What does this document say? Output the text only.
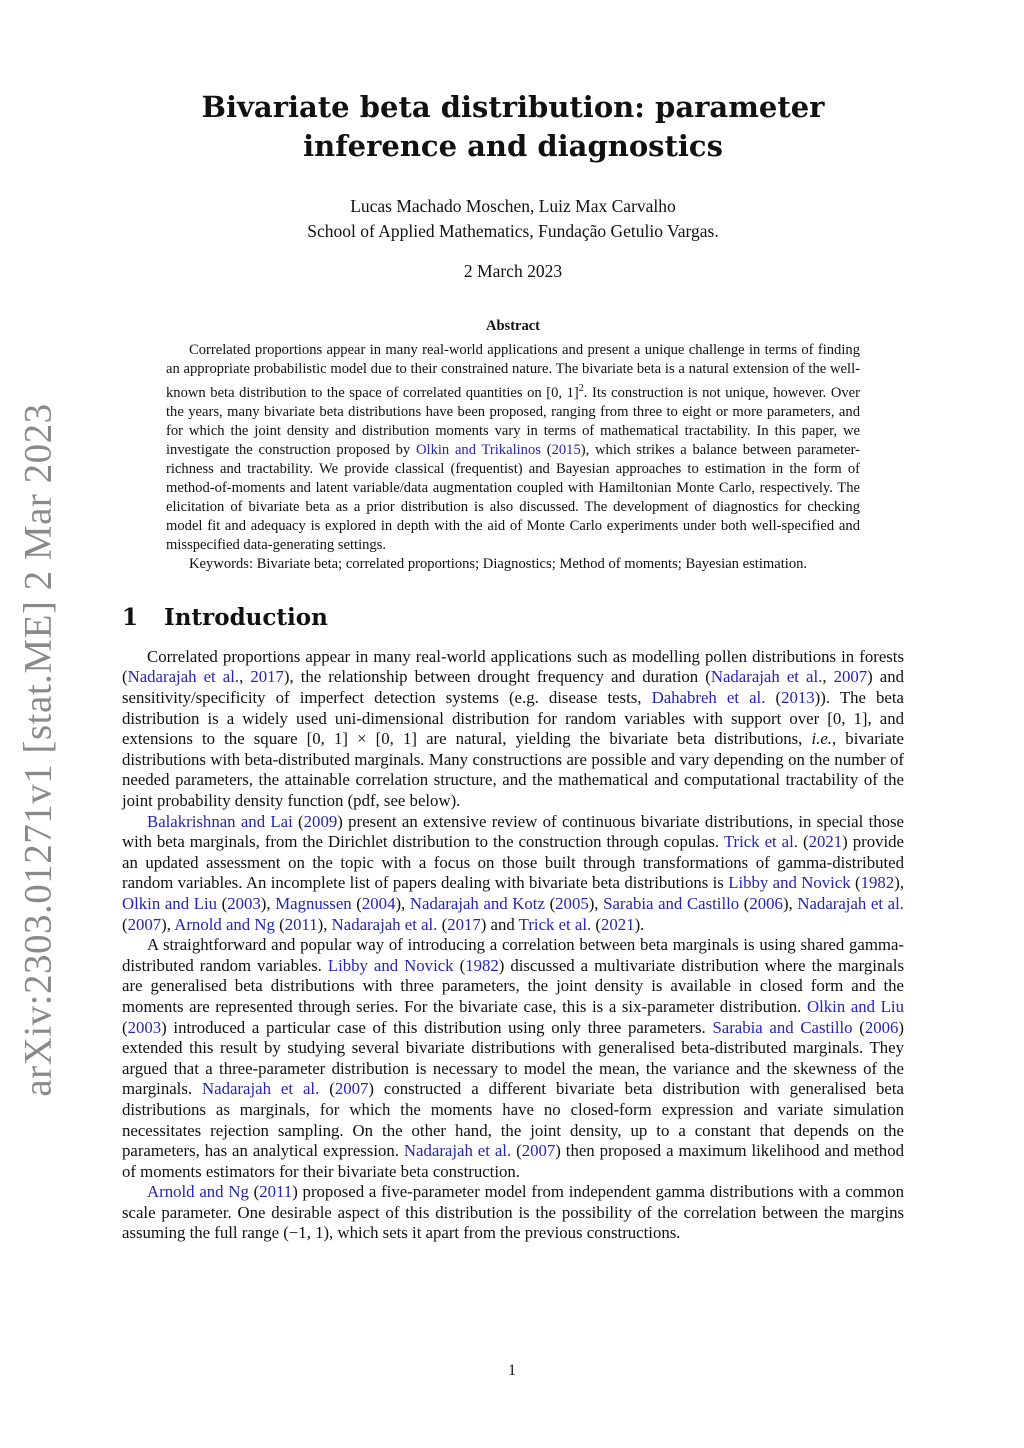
arXiv:2303.01271v1 [stat.ME] 2 Mar 2023
Bivariate beta distribution: parameter inference and diagnostics
Lucas Machado Moschen, Luiz Max Carvalho
School of Applied Mathematics, Fundação Getulio Vargas.
2 March 2023
Abstract

Correlated proportions appear in many real-world applications and present a unique challenge in terms of finding an appropriate probabilistic model due to their constrained nature. The bivariate beta is a natural extension of the well-known beta distribution to the space of correlated quantities on [0, 1]$^2$. Its construction is not unique, however. Over the years, many bivariate beta distributions have been proposed, ranging from three to eight or more parameters, and for which the joint density and distribution moments vary in terms of mathematical tractability. In this paper, we investigate the construction proposed by Olkin and Trikalinos (2015), which strikes a balance between parameter-richness and tractability. We provide classical (frequentist) and Bayesian approaches to estimation in the form of method-of-moments and latent variable/data augmentation coupled with Hamiltonian Monte Carlo, respectively. The elicitation of bivariate beta as a prior distribution is also discussed. The development of diagnostics for checking model fit and adequacy is explored in depth with the aid of Monte Carlo experiments under both well-specified and misspecified data-generating settings.

Keywords: Bivariate beta; correlated proportions; Diagnostics; Method of moments; Bayesian estimation.

1 Introduction

Correlated proportions appear in many real-world applications such as modelling pollen distributions in forests (Nadarajah et al., 2017), the relationship between drought frequency and duration (Nadarajah et al., 2007) and sensitivity/specificity of imperfect detection systems (e.g. disease tests, Dahabreh et al. (2013)). The beta distribution is a widely used uni-dimensional distribution for random variables with support over [0, 1], and extensions to the square [0, 1] × [0, 1] are natural, yielding the bivariate beta distributions, i.e., bivariate distributions with beta-distributed marginals. Many constructions are possible and vary depending on the number of needed parameters, the attainable correlation structure, and the mathematical and computational tractability of the joint probability density function (pdf, see below).

Balakrishnan and Lai (2009) present an extensive review of continuous bivariate distributions, in special those with beta marginals, from the Dirichlet distribution to the construction through copulas. Trick et al. (2021) provide an updated assessment on the topic with a focus on those built through transformations of gamma-distributed random variables. An incomplete list of papers dealing with bivariate beta distributions is Libby and Novick (1982), Olkin and Liu (2003), Magnussen (2004), Nadarajah and Kotz (2005), Sarabia and Castillo (2006), Nadarajah et al. (2007), Arnold and Ng (2011), Nadarajah et al. (2017) and Trick et al. (2021).

A straightforward and popular way of introducing a correlation between beta marginals is using shared gamma-distributed random variables. Libby and Novick (1982) discussed a multivariate distribution where the marginals are generalised beta distributions with three parameters, the joint density is available in closed form and the moments are represented through series. For the bivariate case, this is a six-parameter distribution. Olkin and Liu (2003) introduced a particular case of this distribution using only three parameters. Sarabia and Castillo (2006) extended this result by studying several bivariate distributions with generalised beta-distributed marginals. They argued that a three-parameter distribution is necessary to model the mean, the variance and the skewness of the marginals. Nadarajah et al. (2007) constructed a different bivariate beta distribution with generalised beta distributions as marginals, for which the moments have no closed-form expression and variate simulation necessitates rejection sampling. On the other hand, the joint density, up to a constant that depends on the parameters, has an analytical expression. Nadarajah et al. (2007) then proposed a maximum likelihood and method of moments estimators for their bivariate beta construction.

Arnold and Ng (2011) proposed a five-parameter model from independent gamma distributions with a common scale parameter. One desirable aspect of this distribution is the possibility of the correlation between the margins assuming the full range (−1, 1), which sets it apart from the previous constructions.

1
